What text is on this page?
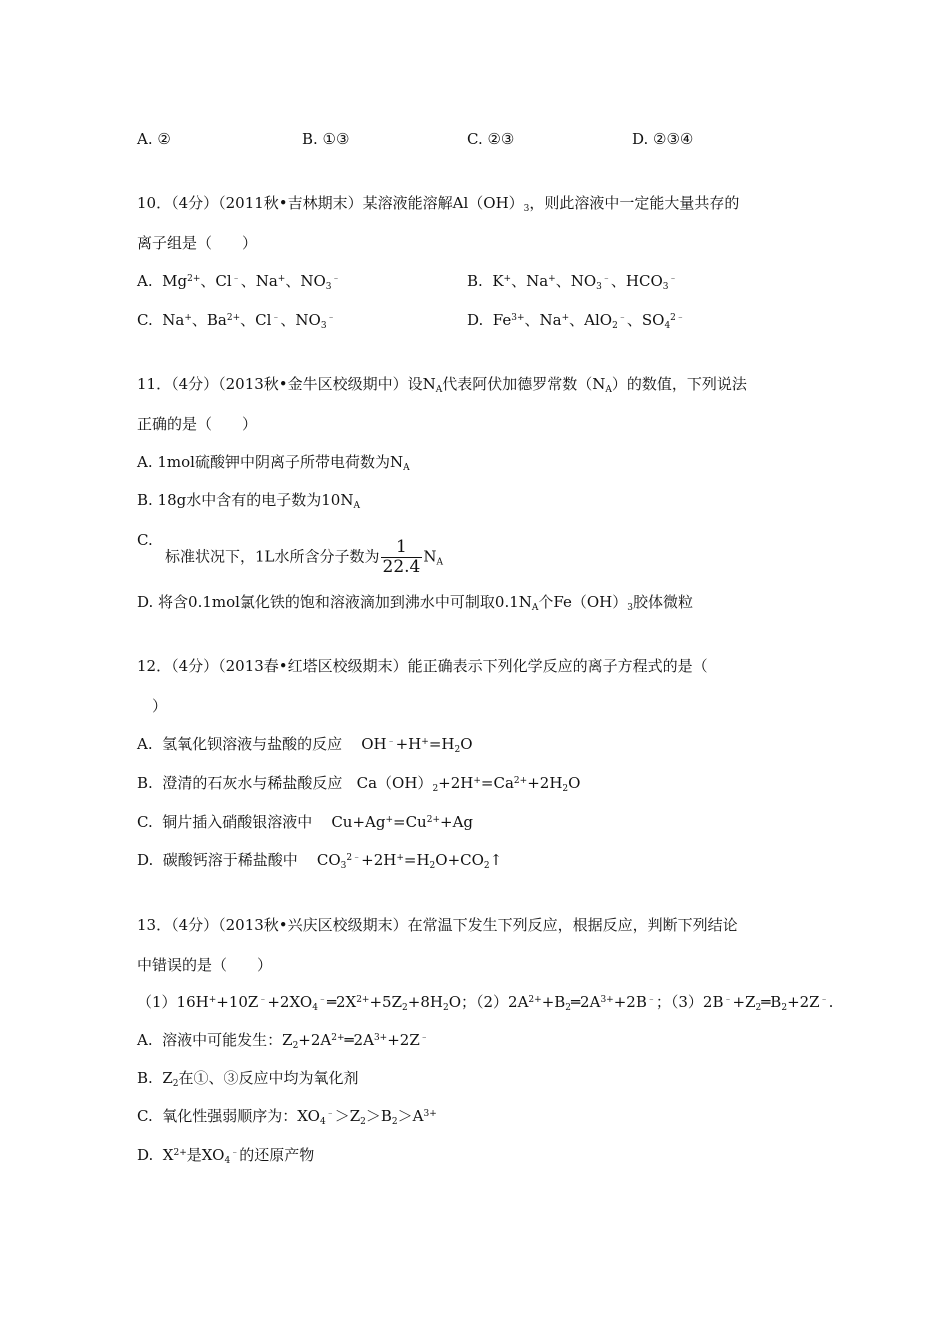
A. ②	B. ①③	C. ②③	D. ②③④
10．（4分）（2011秋•吉林期末）某溶液能溶解$Al(OH)_3$，则此溶液中一定能大量共存的
离子组是（　　）
A.  $Mg^{2+}$、Cl﹣、Na+、$NO_3^﹣$	B.  K+、Na+、$NO_3^﹣$、$HCO_3^﹣$
C.  Na+、$Ba^{2+}$、Cl﹣、$NO_3^﹣$	D.  $Fe^{3+}$、Na+、AlO$_2$﹣、$SO_4^{2﹣}$
11．（4分）（2013秋•金牛区校级期中）设$N_A$代表阿伏加德罗常数$(N_A)$的数值，下列说法
正确的是（　　）
A. 1mol硫酸钾中阴离子所带电荷数为$N_A$
B. 18g水中含有的电子数为$10N_A$
C.
标准状况下，1L水所含分子数为 $\frac{1}{22.4} N_A$
D. 将含0.1mol氯化铁的饱和溶液滴加到沸水中可制取$0.1N_A$个$Fe(OH)_3$胶体微粒
12．（4分）（2013春•红塔区校级期末）能正确表示下列化学反应的离子方程式的是（
）
A.  氢氧化钡溶液与盐酸的反应    $OH^﹣+H^+=H_2O$
B.  澄清的石灰水与稀盐酸反应   $Ca(OH)_2+2H^+=Ca^{2+}+2H_2O$
C.  铜片插入硝酸银溶液中    $Cu+Ag^+=Cu^{2+}+Ag$
D.  碳酸钙溶于稀盐酸中    $CO_3^{2﹣}+2H^+=H_2O+CO_2↑$
13．（4分）（2013秋•兴庆区校级期末）在常温下发生下列反应，根据反应，判断下列结论
中错误的是（　　）
$(1)16H^++10Z^﹣+2XO_4^﹣═2X^{2+}+5Z_2+8H_2O$；$(2)2A^{2+}+B_2═2A^{3+}+2B^﹣$；$(3)2B^﹣+Z_2═B_2+2Z^﹣$.
A.  溶液中可能发生：$Z_2+2A^{2+}═2A^{3+}+2Z^﹣$
B.  $Z_2$在①、③反应中均为氧化剂
C.  氧化性强弱顺序为：$XO_4^﹣>Z_2>B_2>A^{3+}$
D.  $X^{2+}$是$XO_4^﹣$的还原产物
